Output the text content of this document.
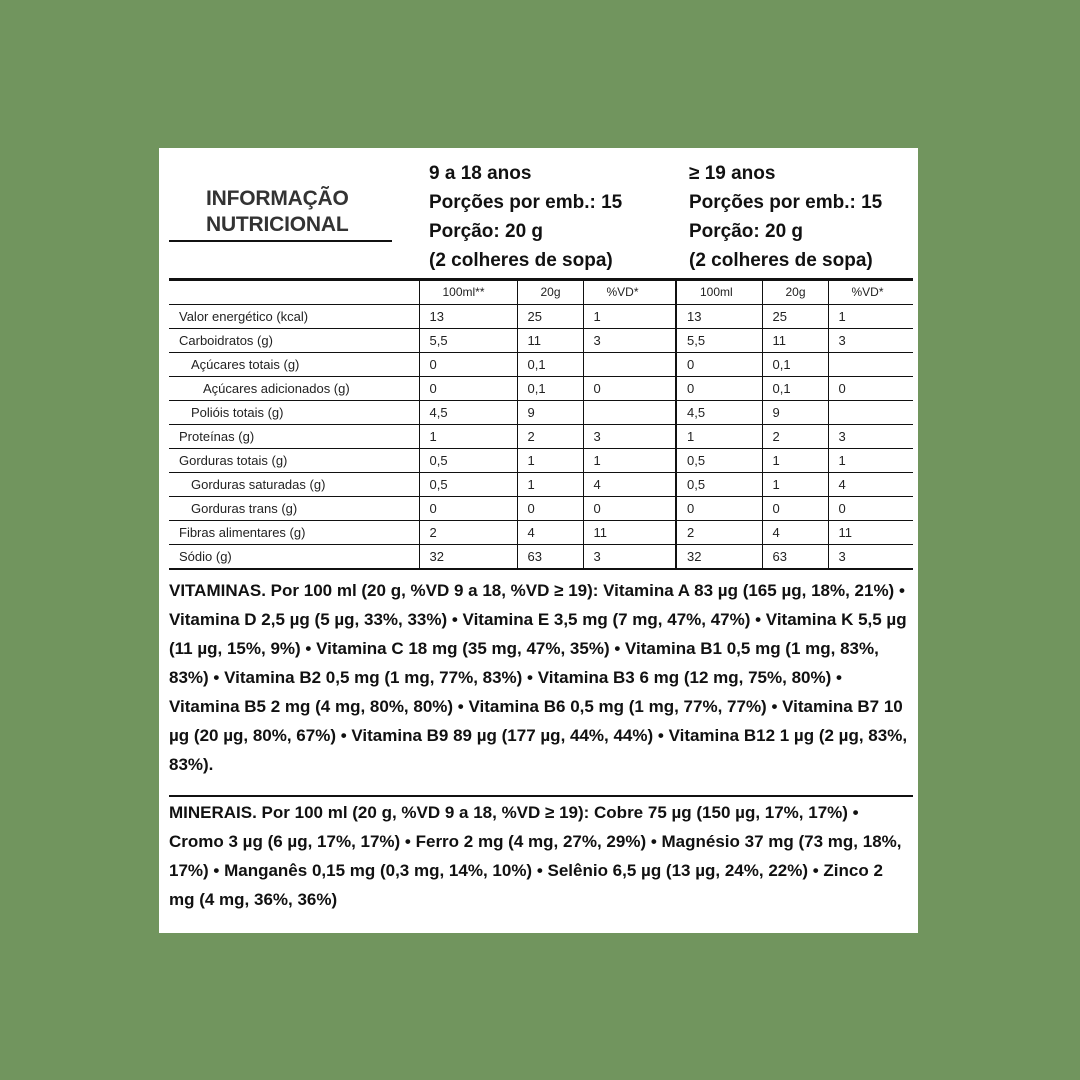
INFORMAÇÃO
NUTRICIONAL
9 a 18 anos
Porções por emb.: 15
Porção: 20 g
(2 colheres de sopa)
≥ 19 anos
Porções por emb.: 15
Porção: 20 g
(2 colheres de sopa)
	100ml**	20g	%VD*	100ml	20g	%VD*
Valor energético (kcal)	13	25	1	13	25	1
Carboidratos (g)	5,5	11	3	5,5	11	3
Açúcares totais (g)	0	0,1		0	0,1	
Açúcares adicionados (g)	0	0,1	0	0	0,1	0
Polióis totais (g)	4,5	9		4,5	9	
Proteínas (g)	1	2	3	1	2	3
Gorduras totais (g)	0,5	1	1	0,5	1	1
Gorduras saturadas (g)	0,5	1	4	0,5	1	4
Gorduras trans (g)	0	0	0	0	0	0
Fibras alimentares (g)	2	4	11	2	4	11
Sódio (g)	32	63	3	32	63	3
VITAMINAS. Por 100 ml (20 g, %VD 9 a 18, %VD ≥ 19): Vitamina A 83 µg (165 µg, 18%, 21%) • Vitamina D 2,5 µg (5 µg, 33%, 33%) • Vitamina E 3,5 mg (7 mg, 47%, 47%) • Vitamina K 5,5 µg (11 µg, 15%, 9%) • Vitamina C 18 mg (35 mg, 47%, 35%) • Vitamina B1 0,5 mg (1 mg, 83%, 83%) • Vitamina B2 0,5 mg (1 mg, 77%, 83%) • Vitamina B3 6 mg (12 mg, 75%, 80%) • Vitamina B5 2 mg (4 mg, 80%, 80%) • Vitamina B6 0,5 mg (1 mg, 77%, 77%) • Vitamina B7 10 µg (20 µg, 80%, 67%) • Vitamina B9 89 µg (177 µg, 44%, 44%) • Vitamina B12 1 µg (2 µg, 83%, 83%).
MINERAIS. Por 100 ml (20 g, %VD 9 a 18, %VD ≥ 19): Cobre 75 µg (150 µg, 17%, 17%) • Cromo 3 µg (6 µg, 17%, 17%) • Ferro 2 mg (4 mg, 27%, 29%) • Magnésio 37 mg (73 mg, 18%, 17%) • Manganês 0,15 mg (0,3 mg, 14%, 10%) • Selênio 6,5 µg (13 µg, 24%, 22%) • Zinco 2 mg (4 mg, 36%, 36%)
